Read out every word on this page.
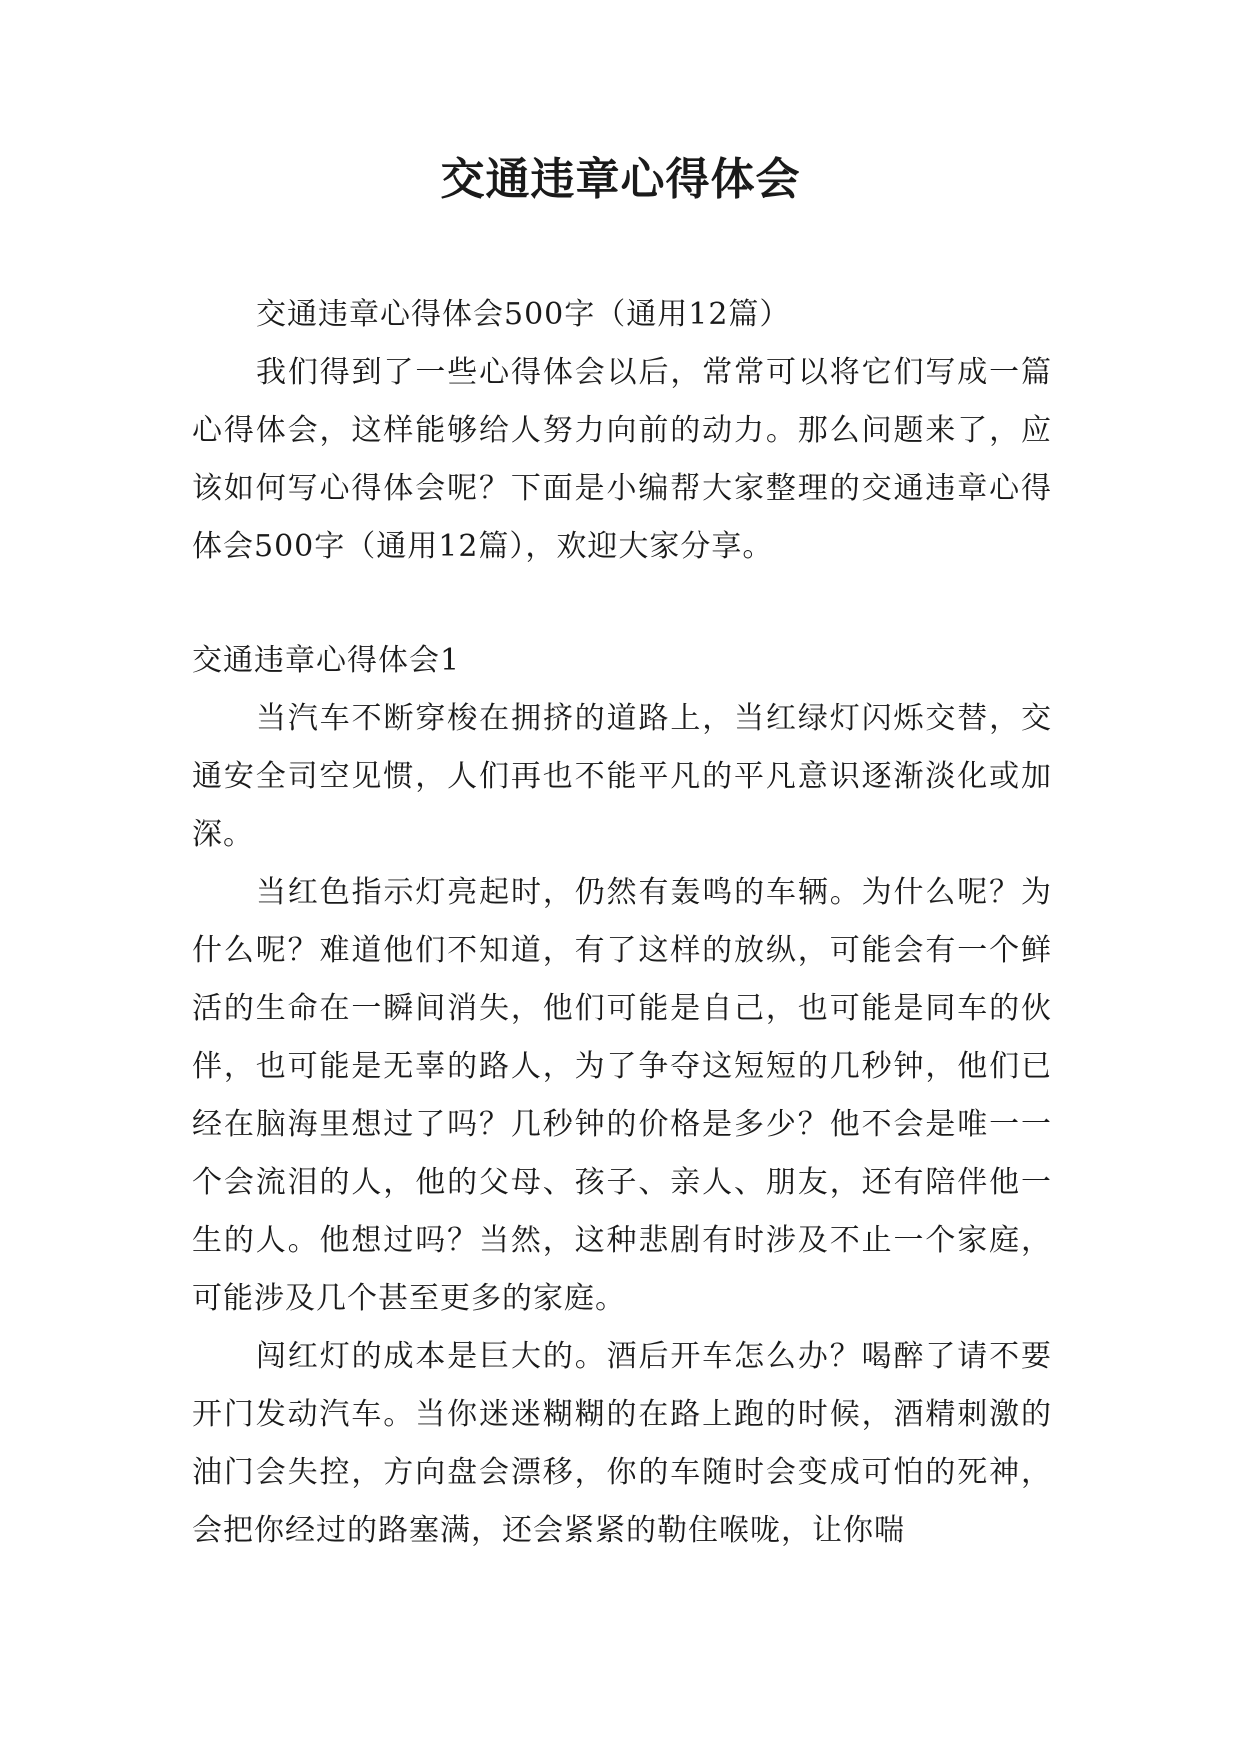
交通违章心得体会

交通违章心得体会500字（通用12篇）

我们得到了一些心得体会以后，常常可以将它们写成一篇心得体会，这样能够给人努力向前的动力。那么问题来了，应该如何写心得体会呢？下面是小编帮大家整理的交通违章心得体会500字（通用12篇），欢迎大家分享。

交通违章心得体会1

当汽车不断穿梭在拥挤的道路上，当红绿灯闪烁交替，交通安全司空见惯，人们再也不能平凡的平凡意识逐渐淡化或加深。

当红色指示灯亮起时，仍然有轰鸣的车辆。为什么呢？为什么呢？难道他们不知道，有了这样的放纵，可能会有一个鲜活的生命在一瞬间消失，他们可能是自己，也可能是同车的伙伴，也可能是无辜的路人，为了争夺这短短的几秒钟，他们已经在脑海里想过了吗？几秒钟的价格是多少？他不会是唯一一个会流泪的人，他的父母、孩子、亲人、朋友，还有陪伴他一生的人。他想过吗？当然，这种悲剧有时涉及不止一个家庭，可能涉及几个甚至更多的家庭。

闯红灯的成本是巨大的。酒后开车怎么办？喝醉了请不要开门发动汽车。当你迷迷糊糊的在路上跑的时候，酒精刺激的油门会失控，方向盘会漂移，你的车随时会变成可怕的死神，会把你经过的路塞满，还会紧紧的勒住喉咙，让你喘
